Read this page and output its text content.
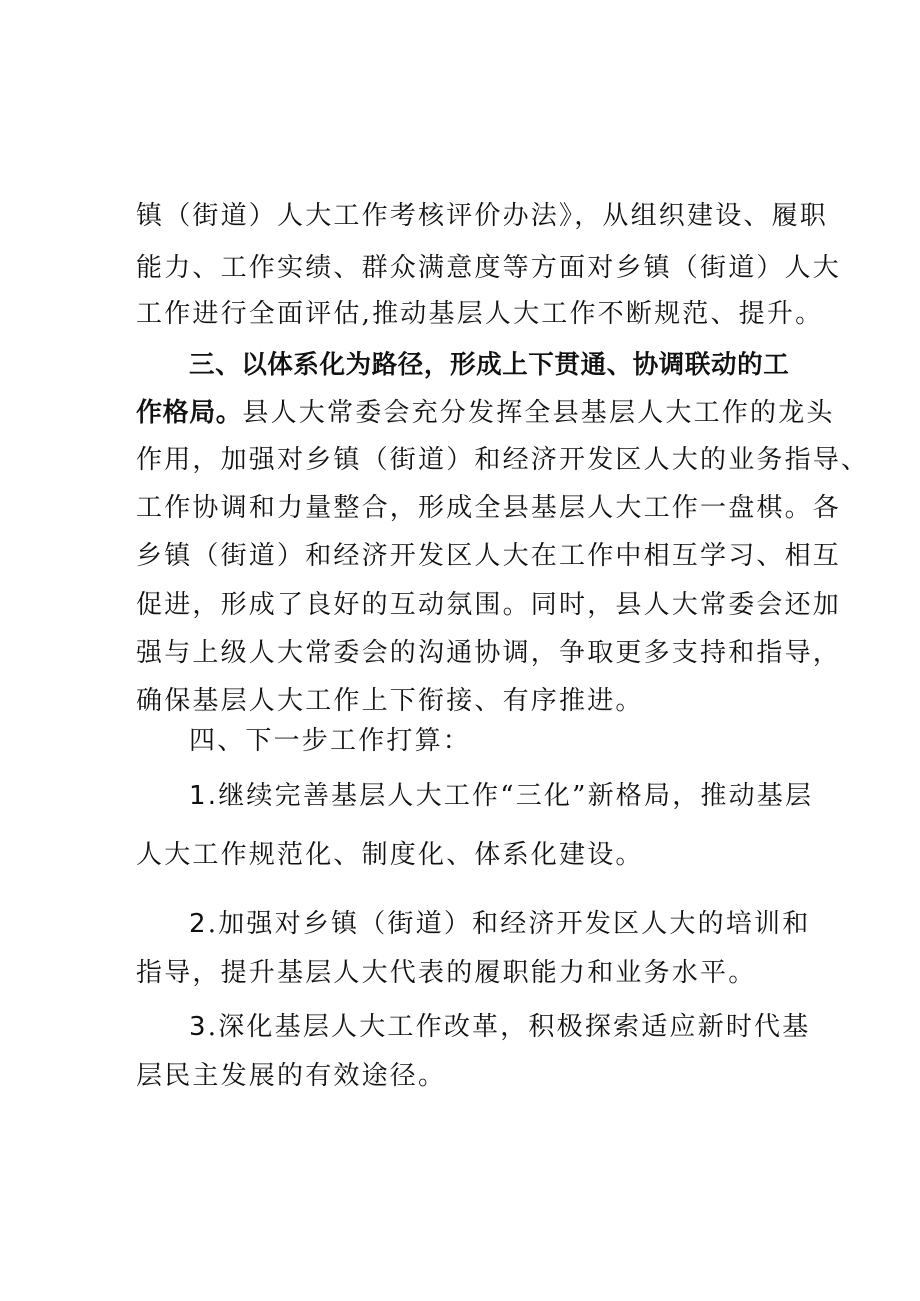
镇（街道）人大工作考核评价办法》，从组织建设、履职
能力、工作实绩、群众满意度等方面对乡镇（街道）人大
工作进行全面评估,推动基层人大工作不断规范、提升。
三、以体系化为路径，形成上下贯通、协调联动的工
作格局。县人大常委会充分发挥全县基层人大工作的龙头
作用，加强对乡镇（街道）和经济开发区人大的业务指导、
工作协调和力量整合，形成全县基层人大工作一盘棋。各
乡镇（街道）和经济开发区人大在工作中相互学习、相互
促进，形成了良好的互动氛围。同时，县人大常委会还加
强与上级人大常委会的沟通协调，争取更多支持和指导，
确保基层人大工作上下衔接、有序推进。
四、下一步工作打算：
1.继续完善基层人大工作“三化”新格局，推动基层
人大工作规范化、制度化、体系化建设。
2.加强对乡镇（街道）和经济开发区人大的培训和
指导，提升基层人大代表的履职能力和业务水平。
3.深化基层人大工作改革，积极探索适应新时代基
层民主发展的有效途径。
